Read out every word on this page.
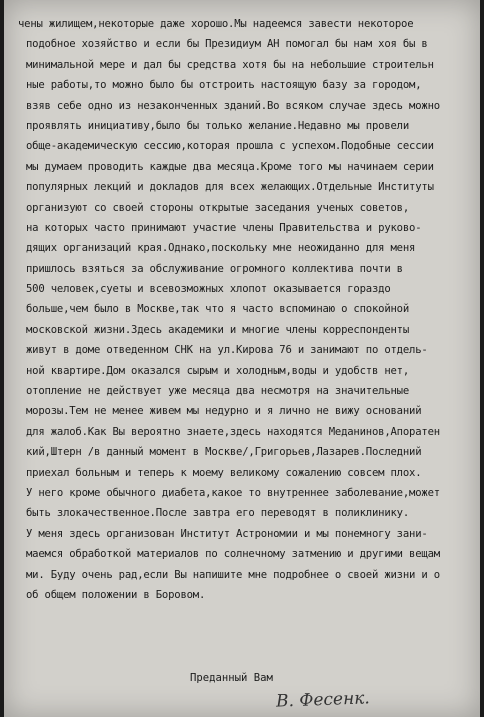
чены жилищем,некоторые даже хорошо.Мы надеемся завести некоторое
подобное хозяйство и если бы Президиум АН помогал бы нам хоя бы в
минимальной мере и дал бы средства хотя бы на небольшие строительн
ные работы,то можно было бы отстроить настоящую базу за городом,
взяв себе одно из незаконченных зданий.Во всяком случае здесь можно
проявлять инициативу,было бы только желание.Недавно мы провели
обще-академическую сессию,которая прошла с успехом.Подобные сессии
мы думаем проводить каждые два месяца.Кроме того мы начинаем серии
популярных лекций и докладов для всех желающих.Отдельные Институты
организуют со своей стороны открытые заседания ученых советов,
на которых часто принимают участие члены Правительства и руково-
дящих организаций края.Однако,поскольку мне неожиданно для меня
пришлось взяться за обслуживание огромного коллектива почти в
500 человек,суеты и всевозможных хлопот оказывается гораздо
больше,чем было в Москве,так что я часто вспоминаю о спокойной
московской жизни.Здесь академики и многие члены корреспонденты
живут в доме отведенном СНК на ул.Кирова 76 и занимают по отдель-
ной квартире.Дом оказался сырым и холодным,воды и удобств нет,
отопление не действует уже месяца два несмотря на значительные
морозы.Тем не менее живем мы недурно и я лично не вижу оснований
для жалоб.Как Вы вероятно знаете,здесь находятся Меданинов,Апоратен
кий,Штерн /в данный момент в Москве/,Григорьев,Лазарев.Последний
приехал больным и теперь к моему великому сожалению совсем плох.
У него кроме обычного диабета,какое то внутреннее заболевание,может
быть злокачественное.После завтра его переводят в поликлинику.
У меня здесь организован Институт Астрономии и мы понемногу зани-
маемся обработкой материалов по солнечному затмению и другими вещам
ми. Буду очень рад,если Вы напишите мне подробнее о своей жизни и о
об общем положении в Боровом.
Преданный Вам
В. Фесенк.
